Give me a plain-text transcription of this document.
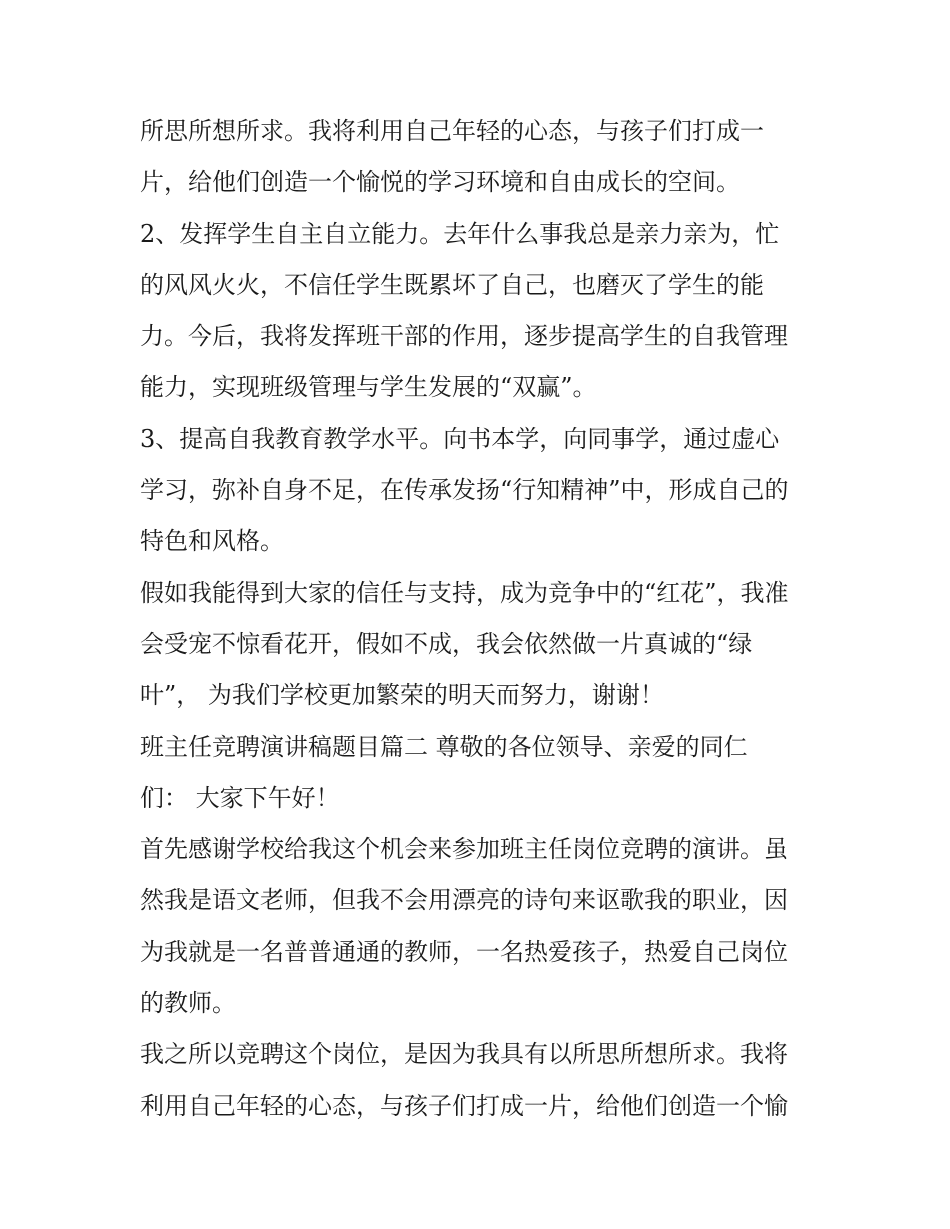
所思所想所求。我将利用自己年轻的心态，与孩子们打成一
片，给他们创造一个愉悦的学习环境和自由成长的空间。
2、发挥学生自主自立能力。去年什么事我总是亲力亲为，忙
的风风火火，不信任学生既累坏了自己，也磨灭了学生的能
力。今后，我将发挥班干部的作用，逐步提高学生的自我管理
能力，实现班级管理与学生发展的“双赢”。
3、提高自我教育教学水平。向书本学，向同事学，通过虚心
学习，弥补自身不足，在传承发扬“行知精神”中，形成自己的
特色和风格。
假如我能得到大家的信任与支持，成为竞争中的“红花”，我准
会受宠不惊看花开，假如不成，我会依然做一片真诚的“绿
叶”， 为我们学校更加繁荣的明天而努力，谢谢！
班主任竞聘演讲稿题目篇二 尊敬的各位领导、亲爱的同仁
们： 大家下午好！
首先感谢学校给我这个机会来参加班主任岗位竞聘的演讲。虽
然我是语文老师，但我不会用漂亮的诗句来讴歌我的职业，因
为我就是一名普普通通的教师，一名热爱孩子，热爱自己岗位
的教师。
我之所以竞聘这个岗位，是因为我具有以所思所想所求。我将
利用自己年轻的心态，与孩子们打成一片，给他们创造一个愉
